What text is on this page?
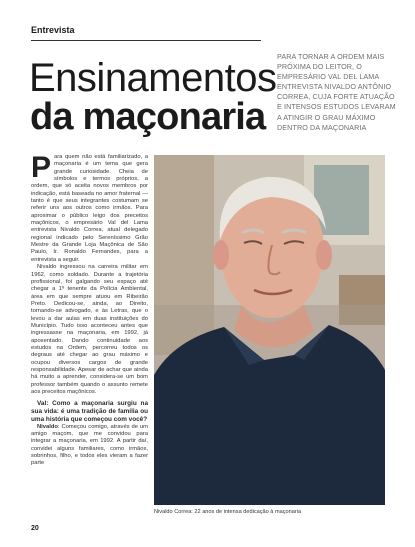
Entrevista
Ensinamentos
da maçonaria
PARA TORNAR A ORDEM MAIS PRÓXIMA DO LEITOR, O EMPRESÁRIO VAL DEL LAMA ENTREVISTA NIVALDO ANTÔNIO CORREA, CUJA FORTE ATUAÇÃO E INTENSOS ESTUDOS LEVARAM A ATINGIR O GRAU MÁXIMO DENTRO DA MAÇONARIA

Para quem não está familiarizado, a maçonaria é um tema que gera grande curiosidade. Cheia de símbolos e termos próprios, a ordem, que só aceita novos membros por indicação, está baseada no amor fraternal — tanto é que seus integrantes costumam se referir uns aos outros como irmãos. Para aproximar o público leigo dos preceitos maçônicos, o empresário Val del Lama entrevista Nivaldo Correa, atual delegado regional indicado pelo Sereníssimo Grão Mestre da Grande Loja Maçônica de São Paulo, Ir. Ronaldo Fernandes, para a entrevista a seguir.

Nivaldo ingressou na carreira militar em 1962, como soldado. Durante a trajetória profissional, foi galgando seu espaço até chegar a 1º tenente da Polícia Ambiental, área em que sempre atuou em Ribeirão Preto. Dedicou-se, ainda, ao Direito, tornando-se advogado, e às Letras, que o levou a dar aulas em duas instituições do Município. Tudo isso aconteceu antes que ingressasse na maçonaria, em 1992, já aposentado. Dando continuidade aos estudos na Ordem, percorreu todos os degraus até chegar ao grau máximo e ocupou diversos cargos de grande responsabilidade. Apesar de achar que ainda há muito a aprender, considera-se um bom professor também quando o assunto remete aos preceitos maçônicos.

Val: Como a maçonaria surgiu na sua vida: é uma tradição de família ou uma história que começou com você?

Nivaldo: Começou comigo, através de um amigo maçom, que me convidou para integrar a maçonaria, em 1992. A partir daí, convidei alguns familiares, como irmãos, sobrinhos, filho, e todos eles vieram a fazer parte

Nivaldo Correa: 22 anos de intensa dedicação à maçonaria
20
